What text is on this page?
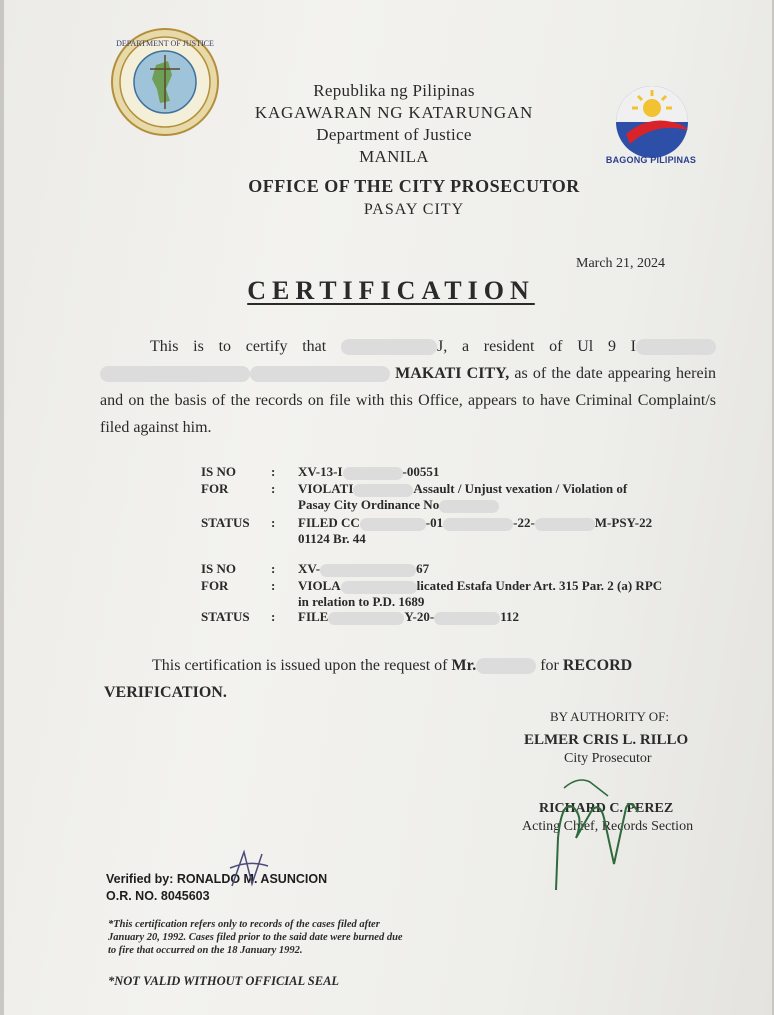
DEPARTMENT OF JUSTICE
BAGONG PILIPINAS
Republika ng Pilipinas
KAGAWARAN NG KATARUNGAN
Department of Justice
MANILA
OFFICE OF THE CITY PROSECUTOR
PASAY CITY
March 21, 2024
CERTIFICATION
This is to certify that	J, a resident of Ul 9 I  MAKATI CITY, as of the date appearing herein and on the basis of the records on file with this Office, appears to have Criminal Complaint/s filed against him.
IS NO	: XV-13-I	-00551
FOR	: VIOLATI	Assault / Unjust vexation / Violation of
Pasay City Ordinance No
STATUS : FILED CC	-01	-22-	M-PSY-22
01124 Br. 44
IS NO	: XV-	67
FOR	: VIOLA	licated Estafa Under Art. 315 Par. 2 (a) RPC
in relation to P.D. 1689
STATUS : FILE	Y-20-	112
This certification is issued upon the request of Mr.	for RECORD
VERIFICATION.
BY AUTHORITY OF:
ELMER CRIS L. RILLO
City Prosecutor
RICHARD C. PEREZ
Acting Chief, Records Section
Verified by: RONALDO M. ASUNCION
O.R. NO. 8045603
*This certification refers only to records of the cases filed after
January 20, 1992. Cases filed prior to the said date were burned due
to fire that occurred on the 18 January 1992.
*NOT VALID WITHOUT OFFICIAL SEAL
